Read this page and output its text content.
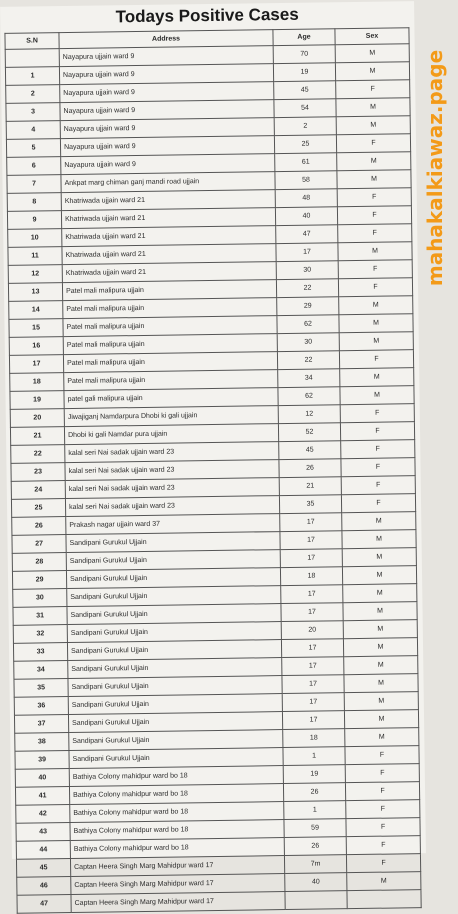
Todays Positive Cases
S.N	Address	Age	Sex
	Nayapura ujjain ward 9	70	M
1	Nayapura ujjain ward 9	19	M
2	Nayapura ujjain ward 9	45	F
3	Nayapura ujjain ward 9	54	M
4	Nayapura ujjain ward 9	2	M
5	Nayapura ujjain ward 9	25	F
6	Nayapura ujjain ward 9	61	M
7	Ankpat marg chiman ganj mandi road ujjain	58	M
8	Khatriwada ujjain ward 21	48	F
9	Khatriwada ujjain ward 21	40	F
10	Khatriwada ujjain ward 21	47	F
11	Khatriwada ujjain ward 21	17	M
12	Khatriwada ujjain ward 21	30	F
13	Patel mali malipura ujjain	22	F
14	Patel mali malipura ujjain	29	M
15	Patel mali malipura ujjain	62	M
16	Patel mali malipura ujjain	30	M
17	Patel mali malipura ujjain	22	F
18	Patel mali malipura ujjain	34	M
19	patel gali malipura ujjain	62	M
20	Jiwajiganj Namdarpura Dhobi ki gali ujjain	12	F
21	Dhobi ki gali Namdar pura ujjain	52	F
22	kalal seri Nai sadak ujjain ward 23	45	F
23	kalal seri Nai sadak ujjain ward 23	26	F
24	kalal seri Nai sadak ujjain ward 23	21	F
25	kalal seri Nai sadak ujjain ward 23	35	F
26	Prakash nagar ujjain ward 37	17	M
27	Sandipani Gurukul Ujjain	17	M
28	Sandipani Gurukul Ujjain	17	M
29	Sandipani Gurukul Ujjain	18	M
30	Sandipani Gurukul Ujjain	17	M
31	Sandipani Gurukul Ujjain	17	M
32	Sandipani Gurukul Ujjain	20	M
33	Sandipani Gurukul Ujjain	17	M
34	Sandipani Gurukul Ujjain	17	M
35	Sandipani Gurukul Ujjain	17	M
36	Sandipani Gurukul Ujjain	17	M
37	Sandipani Gurukul Ujjain	17	M
38	Sandipani Gurukul Ujjain	18	M
39	Sandipani Gurukul Ujjain	1	F
40	Bathiya Colony mahidpur ward bo 18	19	F
41	Bathiya Colony mahidpur ward bo 18	26	F
42	Bathiya Colony mahidpur ward bo 18	1	F
43	Bathiya Colony mahidpur ward bo 18	59	F
44	Bathiya Colony mahidpur ward bo 18	26	F
45	Captan Heera Singh Marg Mahidpur ward 17	7m	F
46	Captan Heera Singh Marg Mahidpur ward 17	40	M
47	Captan Heera Singh Marg Mahidpur ward 17		
mahakalkiawaz.page
